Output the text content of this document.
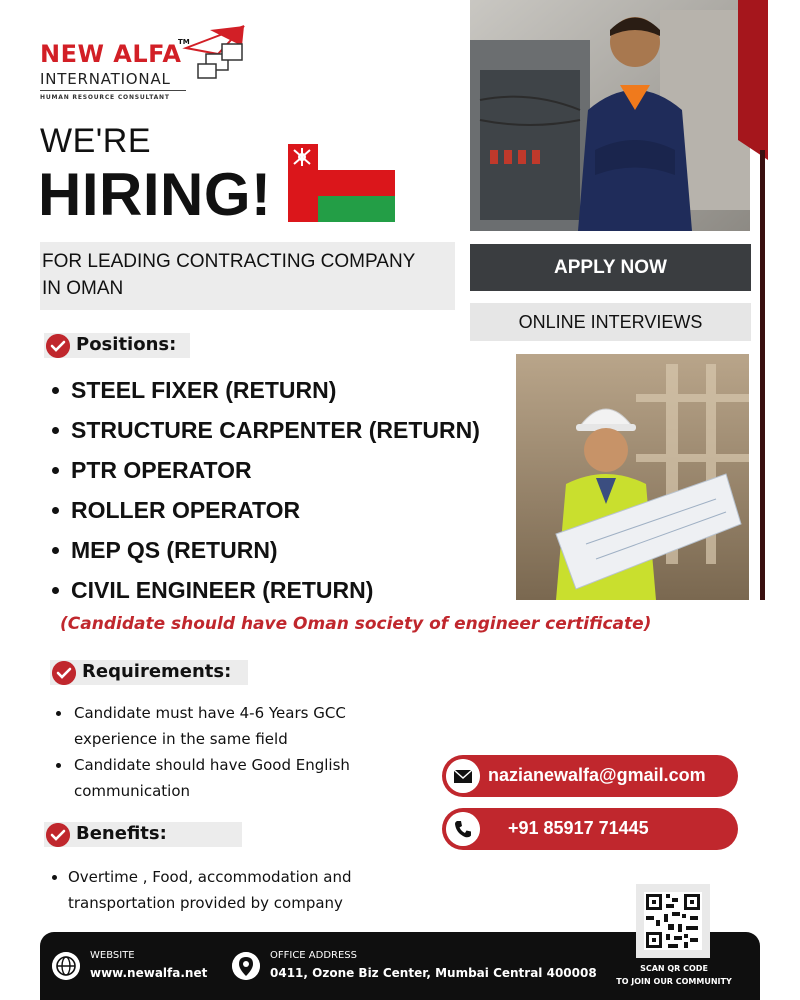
NEW ALFA
TM
INTERNATIONAL
HUMAN RESOURCE CONSULTANT
WE'RE
HIRING!
FOR LEADING CONTRACTING COMPANY
IN OMAN
APPLY NOW
ONLINE INTERVIEWS
Positions:
STEEL FIXER (RETURN)
STRUCTURE CARPENTER (RETURN)
PTR OPERATOR
ROLLER OPERATOR
MEP QS (RETURN)
CIVIL ENGINEER (RETURN)
(Candidate should have Oman society of engineer certificate)
Requirements:
Candidate must have 4-6 Years GCC experience in the same field
Candidate should have Good English communication
Benefits:
Overtime , Food, accommodation and transportation provided by company
nazianewalfa@gmail.com
+91 85917 71445
WEBSITE
www.newalfa.net
OFFICE ADDRESS
0411, Ozone Biz Center, Mumbai Central 400008	SCAN QR CODE
TO JOIN OUR COMMUNITY
